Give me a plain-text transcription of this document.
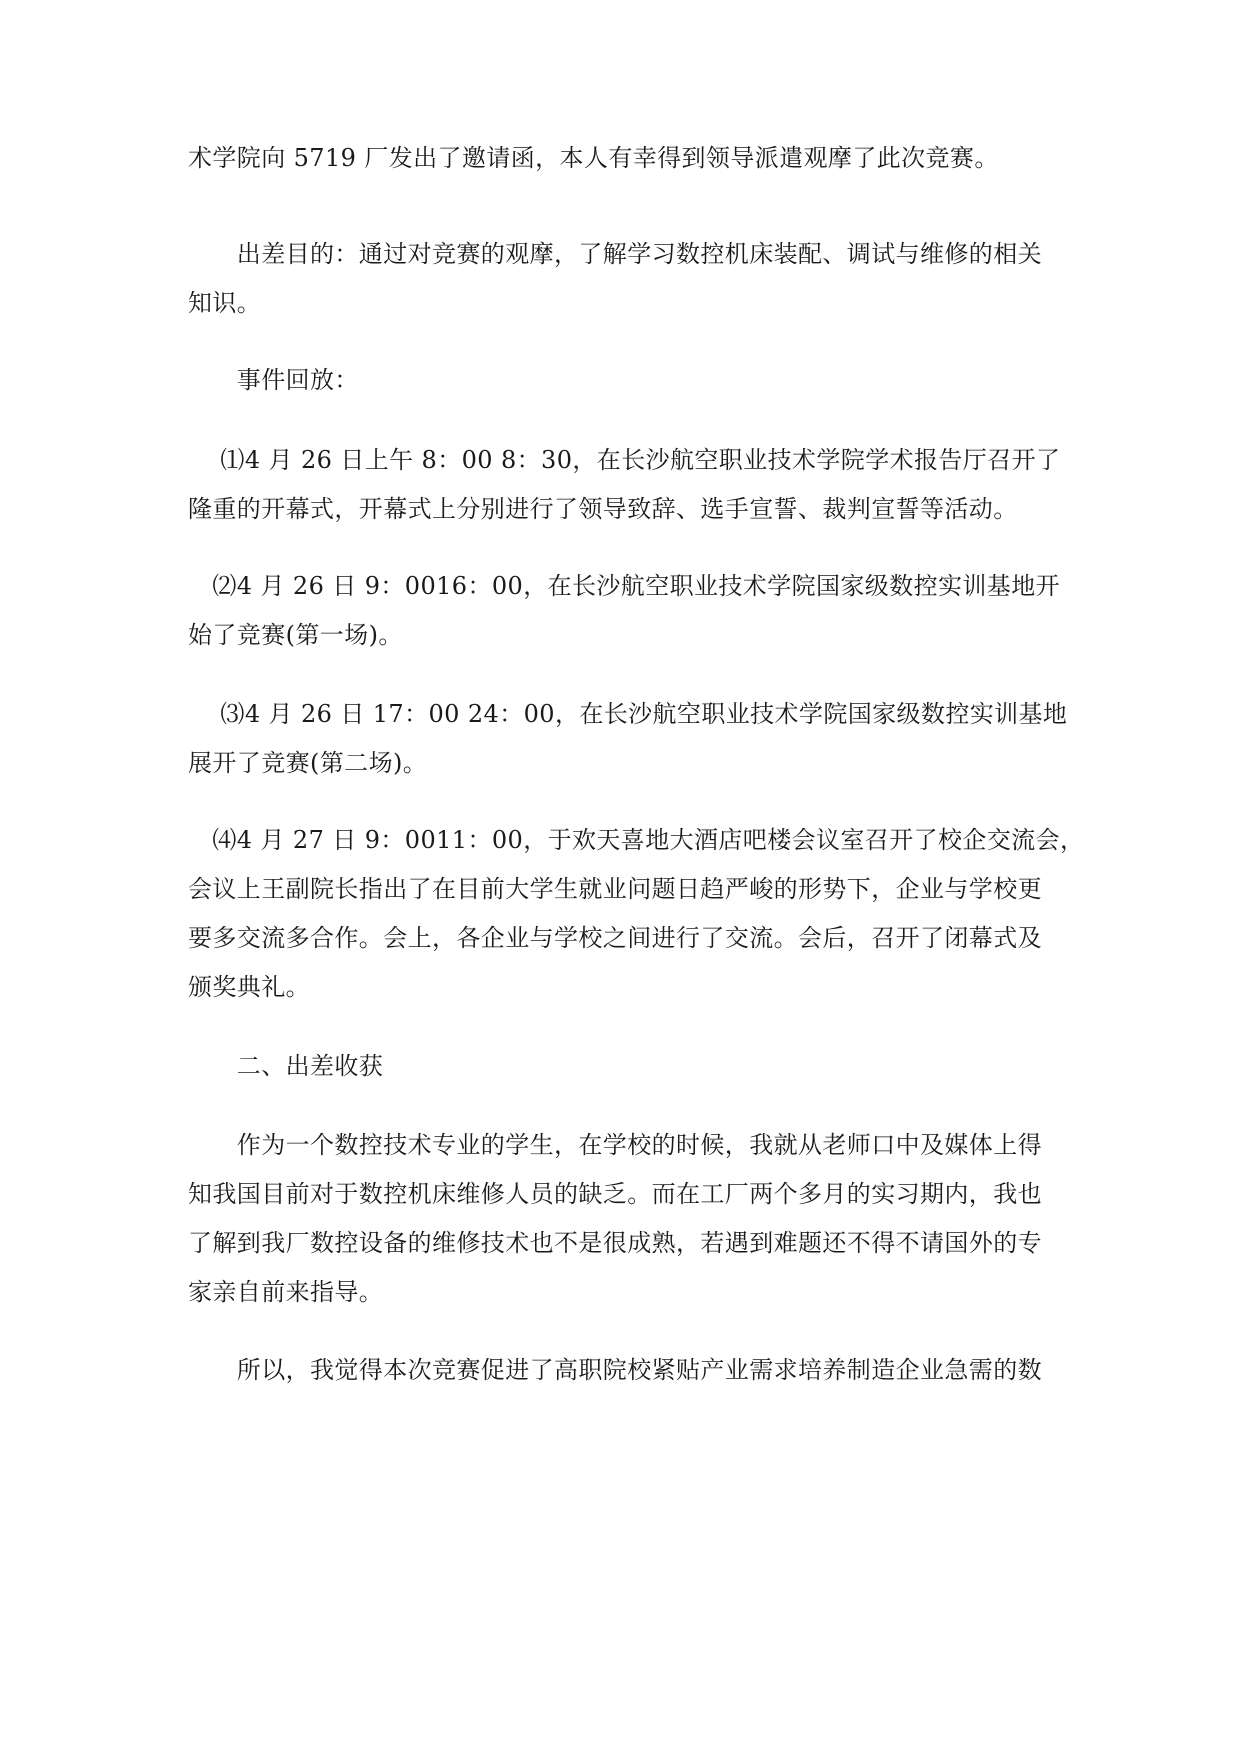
术学院向 5719 厂发出了邀请函，本人有幸得到领导派遣观摩了此次竞赛。
　　出差目的：通过对竞赛的观摩，了解学习数控机床装配、调试与维修的相关
知识。
　　事件回放：
　 ⑴4 月 26 日上午 8：00 8：30，在长沙航空职业技术学院学术报告厅召开了
隆重的开幕式，开幕式上分别进行了领导致辞、选手宣誓、裁判宣誓等活动。
　⑵4 月 26 日 9：0016：00，在长沙航空职业技术学院国家级数控实训基地开
始了竞赛(第一场)。
　 ⑶4 月 26 日 17：00 24：00，在长沙航空职业技术学院国家级数控实训基地
展开了竞赛(第二场)。
　⑷4 月 27 日 9：0011：00，于欢天喜地大酒店吧楼会议室召开了校企交流会，
会议上王副院长指出了在目前大学生就业问题日趋严峻的形势下，企业与学校更
要多交流多合作。会上，各企业与学校之间进行了交流。会后，召开了闭幕式及
颁奖典礼。
　　二、出差收获
　　作为一个数控技术专业的学生，在学校的时候，我就从老师口中及媒体上得
知我国目前对于数控机床维修人员的缺乏。而在工厂两个多月的实习期内，我也
了解到我厂数控设备的维修技术也不是很成熟，若遇到难题还不得不请国外的专
家亲自前来指导。
　　所以，我觉得本次竞赛促进了高职院校紧贴产业需求培养制造企业急需的数
